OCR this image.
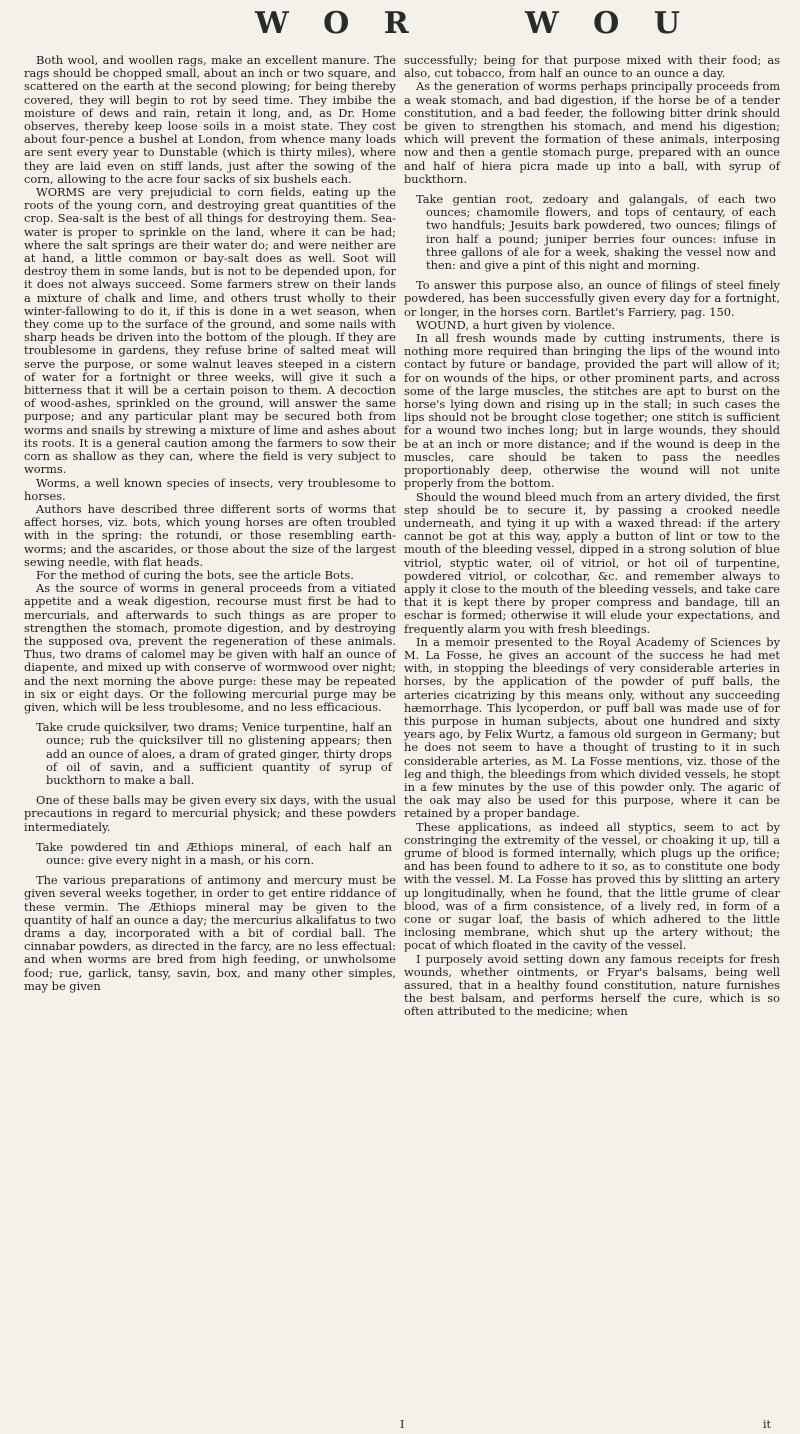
W O R	W O U

Both wool, and woollen rags, make an excellent manure. The rags should be chopped small, about an inch or two square, and scattered on the earth at the second plowing; for being thereby covered, they will begin to rot by seed time. They imbibe the moisture of dews and rain, retain it long, and, as Dr. Home observes, thereby keep loose soils in a moist state. They cost about four-pence a bushel at London, from whence many loads are sent every year to Dunstable (which is thirty miles), where they are laid even on stiff lands, just after the sowing of the corn, allowing to the acre four sacks of six bushels each.

WORMS are very prejudicial to corn fields, eating up the roots of the young corn, and destroying great quantities of the crop. Sea-salt is the best of all things for destroying them. Sea-water is proper to sprinkle on the land, where it can be had; where the salt springs are their water do; and were neither are at hand, a little common or bay-salt does as well. Soot will destroy them in some lands, but is not to be depended upon, for it does not always succeed. Some farmers strew on their lands a mixture of chalk and lime, and others trust wholly to their winter-fallowing to do it, if this is done in a wet season, when they come up to the surface of the ground, and some nails with sharp heads be driven into the bottom of the plough. If they are troublesome in gardens, they refuse brine of salted meat will serve the purpose, or some walnut leaves steeped in a cistern of water for a fortnight or three weeks, will give it such a bitterness that it will be a certain poison to them. A decoction of wood-ashes, sprinkled on the ground, will answer the same purpose; and any particular plant may be secured both from worms and snails by strewing a mixture of lime and ashes about its roots. It is a general caution among the farmers to sow their corn as shallow as they can, where the field is very subject to worms.

Worms, a well known species of insects, very troublesome to horses.

Authors have described three different sorts of worms that affect horses, viz. bots, which young horses are often troubled with in the spring: the rotundi, or those resembling earth-worms; and the ascarides, or those about the size of the largest sewing needle, with flat heads.

For the method of curing the bots, see the article Bots.

As the source of worms in general proceeds from a vitiated appetite and a weak digestion, recourse must first be had to mercurials, and afterwards to such things as are proper to strengthen the stomach, promote digestion, and by destroying the supposed ova, prevent the regeneration of these animals. Thus, two drams of calomel may be given with half an ounce of diapente, and mixed up with conserve of wormwood over night; and the next morning the above purge: these may be repeated in six or eight days. Or the following mercurial purge may be given, which will be less troublesome, and no less efficacious.

Take crude quicksilver, two drams; Venice turpentine, half an ounce; rub the quicksilver till no glistening appears; then add an ounce of aloes, a dram of grated ginger, thirty drops of oil of savin, and a sufficient quantity of syrup of buckthorn to make a ball.

One of these balls may be given every six days, with the usual precautions in regard to mercurial physick; and these powders intermediately.

Take powdered tin and Æthiops mineral, of each half an ounce: give every night in a mash, or his corn.

The various preparations of antimony and mercury must be given several weeks together, in order to get entire riddance of these vermin. The Æthiops mineral may be given to the quantity of half an ounce a day; the mercurius alkalifatus to two drams a day, incorporated with a bit of cordial ball. The cinnabar powders, as directed in the farcy, are no less effectual: and when worms are bred from high feeding, or unwholsome food; rue, garlick, tansy, savin, box, and many other simples, may be given

successfully; being for that purpose mixed with their food; as also, cut tobacco, from half an ounce to an ounce a day.

As the generation of worms perhaps principally proceeds from a weak stomach, and bad digestion, if the horse be of a tender constitution, and a bad feeder, the following bitter drink should be given to strengthen his stomach, and mend his digestion; which will prevent the formation of these animals, interposing now and then a gentle stomach purge, prepared with an ounce and half of hiera picra made up into a ball, with syrup of buckthorn.

Take gentian root, zedoary and galangals, of each two ounces; chamomile flowers, and tops of centaury, of each two handfuls; Jesuits bark powdered, two ounces; filings of iron half a pound; juniper berries four ounces: infuse in three gallons of ale for a week, shaking the vessel now and then: and give a pint of this night and morning.

To answer this purpose also, an ounce of filings of steel finely powdered, has been successfully given every day for a fortnight, or longer, in the horses corn. Bartlet's Farriery, pag. 150.

WOUND, a hurt given by violence.

In all fresh wounds made by cutting instruments, there is nothing more required than bringing the lips of the wound into contact by future or bandage, provided the part will allow of it; for on wounds of the hips, or other prominent parts, and across some of the large muscles, the stitches are apt to burst on the horse's lying down and rising up in the stall; in such cases the lips should not be brought close together; one stitch is sufficient for a wound two inches long; but in large wounds, they should be at an inch or more distance; and if the wound is deep in the muscles, care should be taken to pass the needles proportionably deep, otherwise the wound will not unite properly from the bottom.

Should the wound bleed much from an artery divided, the first step should be to secure it, by passing a crooked needle underneath, and tying it up with a waxed thread: if the artery cannot be got at this way, apply a button of lint or tow to the mouth of the bleeding vessel, dipped in a strong solution of blue vitriol, styptic water, oil of vitriol, or hot oil of turpentine, powdered vitriol, or colcothar, &c. and remember always to apply it close to the mouth of the bleeding vessels, and take care that it is kept there by proper compress and bandage, till an eschar is formed; otherwise it will elude your expectations, and frequently alarm you with fresh bleedings.

In a memoir presented to the Royal Academy of Sciences by M. La Fosse, he gives an account of the success he had met with, in stopping the bleedings of very considerable arteries in horses, by the application of the powder of puff balls, the arteries cicatrizing by this means only, without any succeeding hæmorrhage. This lycoperdon, or puff ball was made use of for this purpose in human subjects, about one hundred and sixty years ago, by Felix Wurtz, a famous old surgeon in Germany; but he does not seem to have a thought of trusting to it in such considerable arteries, as M. La Fosse mentions, viz. those of the leg and thigh, the bleedings from which divided vessels, he stopt in a few minutes by the use of this powder only. The agaric of the oak may also be used for this purpose, where it can be retained by a proper bandage.

These applications, as indeed all styptics, seem to act by constringing the extremity of the vessel, or choaking it up, till a grume of blood is formed internally, which plugs up the orifice; and has been found to adhere to it so, as to constitute one body with the vessel. M. La Fosse has proved this by slitting an artery up longitudinally, when he found, that the little grume of clear blood, was of a firm consistence, of a lively red, in form of a cone or sugar loaf, the basis of which adhered to the little inclosing membrane, which shut up the artery without; the pocat of which floated in the cavity of the vessel.

I purposely avoid setting down any famous receipts for fresh wounds, whether ointments, or Fryar's balsams, being well assured, that in a healthy found constitution, nature furnishes the best balsam, and performs herself the cure, which is so often attributed to the medicine; when

I	it
